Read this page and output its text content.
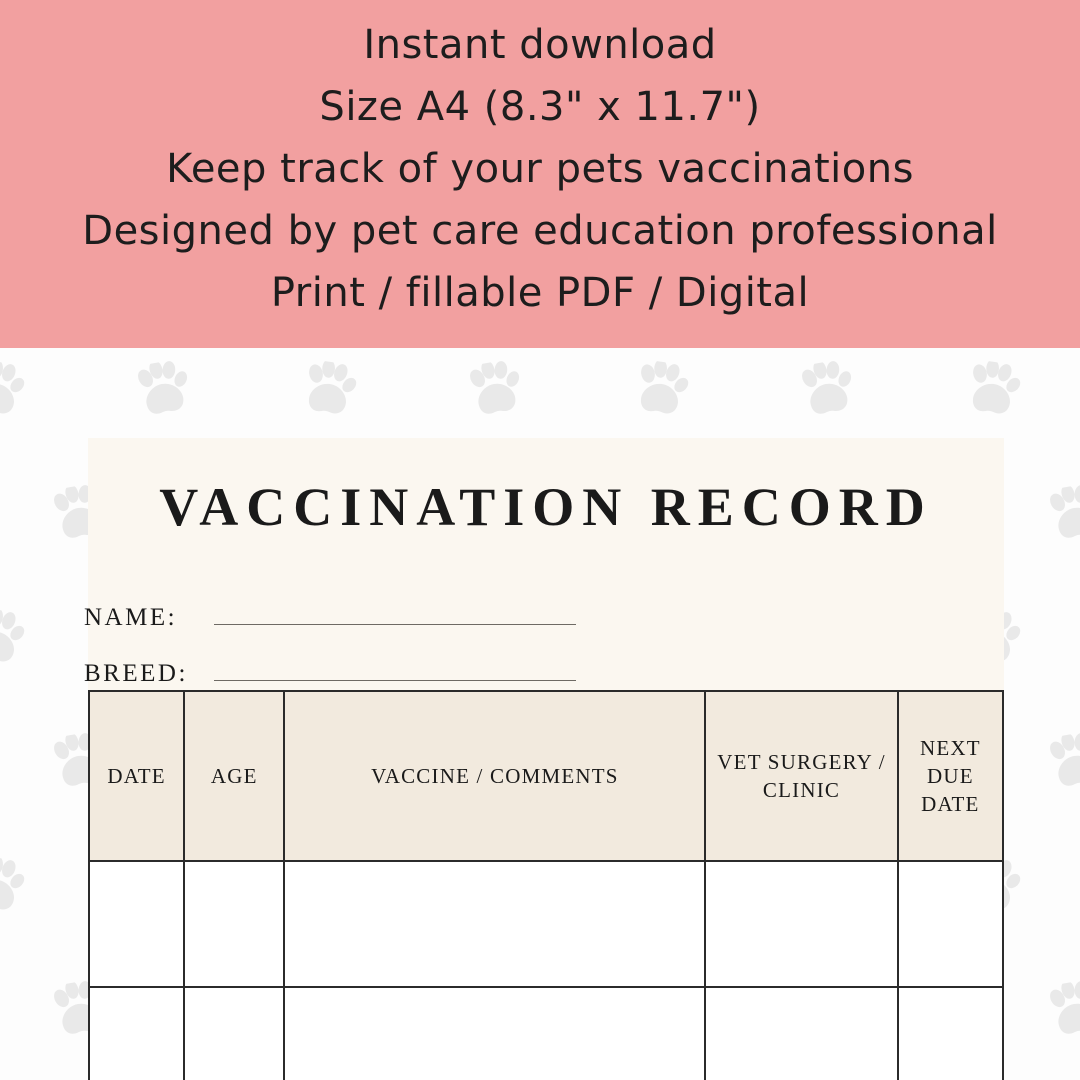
Instant download
Size A4 (8.3" x 11.7")
Keep track of your pets vaccinations
Designed by pet care education professional
Print / fillable PDF / Digital
VACCINATION RECORD
NAME:
BREED:
DATE	AGE	VACCINE / COMMENTS	VET SURGERY / CLINIC	NEXT DUE DATE
